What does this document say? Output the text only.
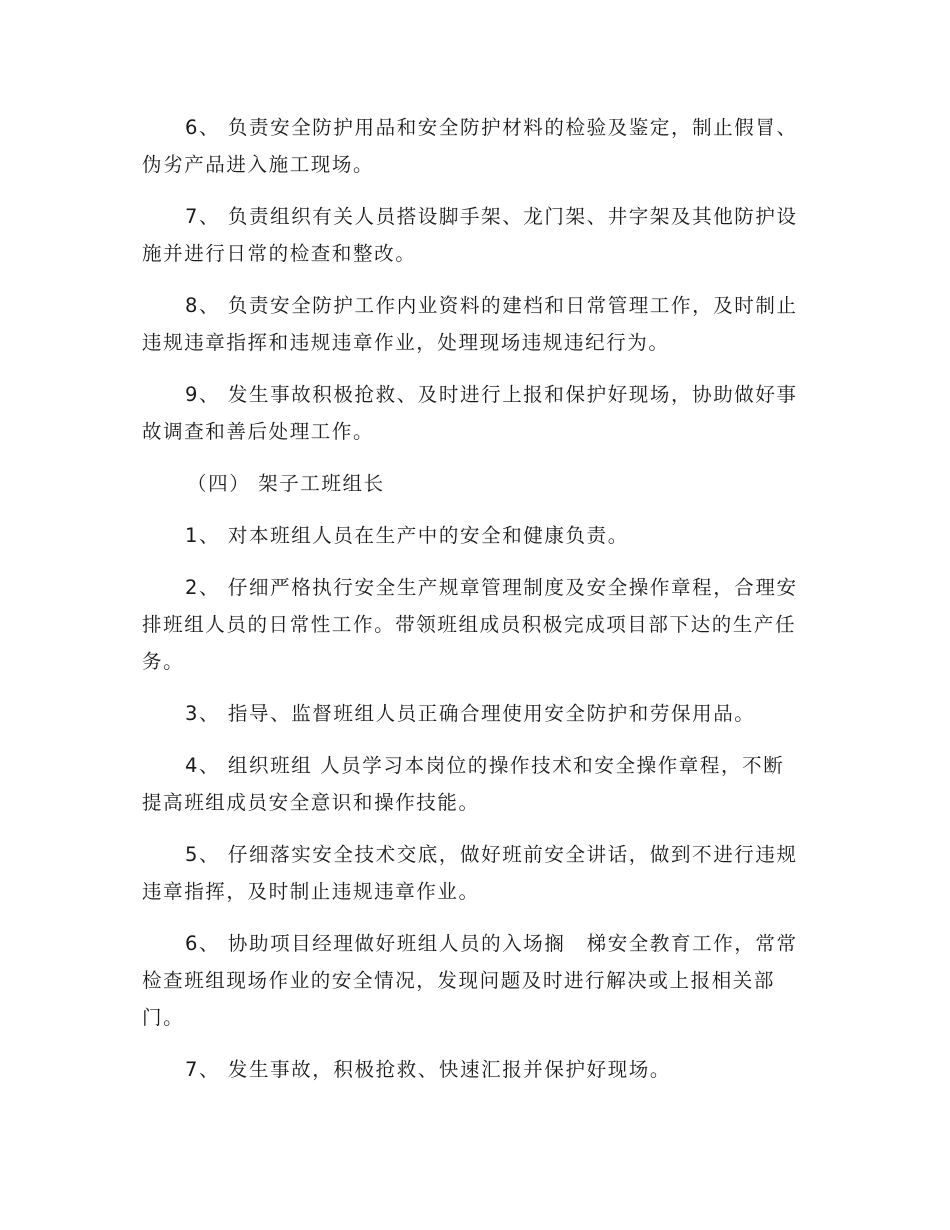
6、 负责安全防护用品和安全防护材料的检验及鉴定，制止假冒、伪劣产品进入施工现场。

7、 负责组织有关人员搭设脚手架、龙门架、井字架及其他防护设施并进行日常的检查和整改。

8、 负责安全防护工作内业资料的建档和日常管理工作，及时制止违规违章指挥和违规违章作业，处理现场违规违纪行为。

9、 发生事故积极抢救、及时进行上报和保护好现场，协助做好事故调查和善后处理工作。

（四） 架子工班组长

1、 对本班组人员在生产中的安全和健康负责。

2、 仔细严格执行安全生产规章管理制度及安全操作章程，合理安排班组人员的日常性工作。带领班组成员积极完成项目部下达的生产任务。

3、 指导、监督班组人员正确合理使用安全防护和劳保用品。

4、 组织班组 人员学习本岗位的操作技术和安全操作章程，不断提高班组成员安全意识和操作技能。

5、 仔细落实安全技术交底，做好班前安全讲话，做到不进行违规违章指挥，及时制止违规违章作业。

6、 协助项目经理做好班组人员的入场搁　梯安全教育工作，常常检查班组现场作业的安全情况，发现问题及时进行解决或上报相关部门。

7、 发生事故，积极抢救、快速汇报并保护好现场。
